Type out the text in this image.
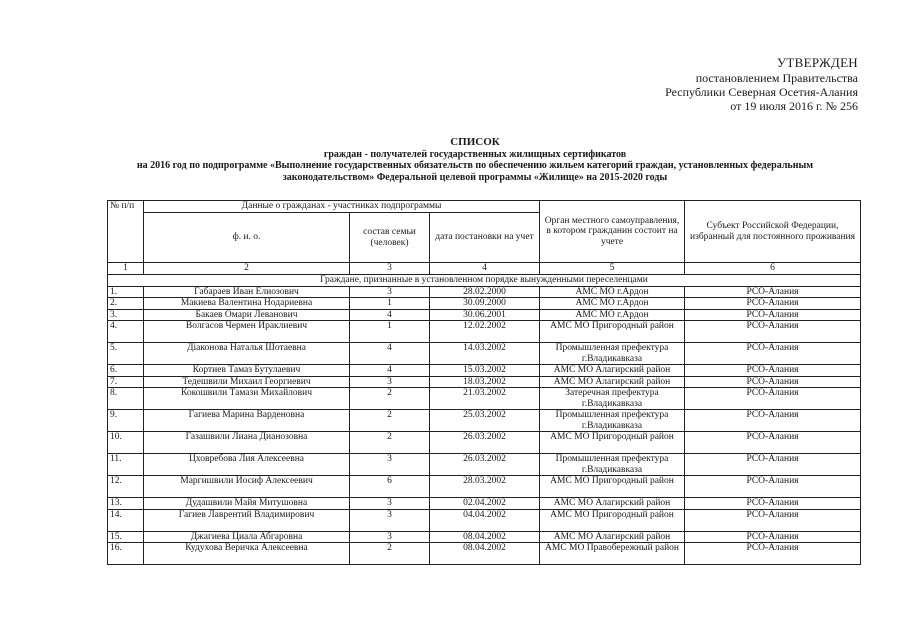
УТВЕРЖДЕН
постановлением Правительства
Республики Северная Осетия-Алания
от 19 июля 2016 г. № 256
СПИСОК
граждан - получателей государственных жилищных сертификатов
на 2016 год по подпрограмме «Выполнение государственных обязательств по обеспечению жильем категорий граждан, установленных федеральным
законодательством» Федеральной целевой программы «Жилище» на 2015-2020 годы
№ п/п	Данные о гражданах - участниках подпрограммы			Орган местного самоуправления, в котором гражданин состоит на учете	Субъект Российской Федерации, избранный для постоянного проживания
	ф. и. о.	состав семьи (человек)	дата постановки на учет		
1	2	3	4	5	6
Граждане, признанные в установленном порядке вынужденными переселенцами					
1.	Габараев Иван Елиозович	3	28.02.2000	АМС МО г.Ардон	РСО-Алания
2.	Макиева Валентина Нодариевна	1	30.09.2000	АМС МО г.Ардон	РСО-Алания
3.	Бакаев Омари Леванович	4	30.06.2001	АМС МО г.Ардон	РСО-Алания
4.	Волгасов Чермен Ираклиевич	1	12.02.2002	АМС МО Пригородный район	РСО-Алания
5.	Дiаконова Наталья Шотаевна	4	14.03.2002	Промышленная префектура г.Владикавказа	РСО-Алания
6.	Кортиев Тамаз Бутулаевич	4	15.03.2002	АМС МО Алагирский район	РСО-Алания
7.	Тедешвили Михаил Георгиевич	3	18.03.2002	АМС МО Алагирский район	РСО-Алания
8.	Кокошвили Тамази Михайлович	2	21.03.2002	Затеречная префектура г.Владикавказа	РСО-Алания
9.	Гагиева Марина Варденовна	2	25.03.2002	Промышленная префектура г.Владикавказа	РСО-Алания
10.	Газашвили Лиана Дианозовна	2	26.03.2002	АМС МО Пригородный район	РСО-Алания
11.	Цховребова Лия Алексеевна	3	26.03.2002	Промышленная префектура г.Владикавказа	РСО-Алания
12.	Маргишвили Иосиф Алексеевич	6	28.03.2002	АМС МО Пригородный район	РСО-Алания
13.	Дудашвили Майя Митушовна	3	02.04.2002	АМС МО Алагирский район	РСО-Алания
14.	Гагиев Лаврентий Владимирович	3	04.04.2002	АМС МО Пригородный район	РСО-Алания
15.	Джагиева Циала Абгаровна	3	08.04.2002	АМС МО Алагирский район	РСО-Алания
16.	Кудухова Веричка Алексеевна	2	08.04.2002	АМС МО Правобережный район	РСО-Алания
